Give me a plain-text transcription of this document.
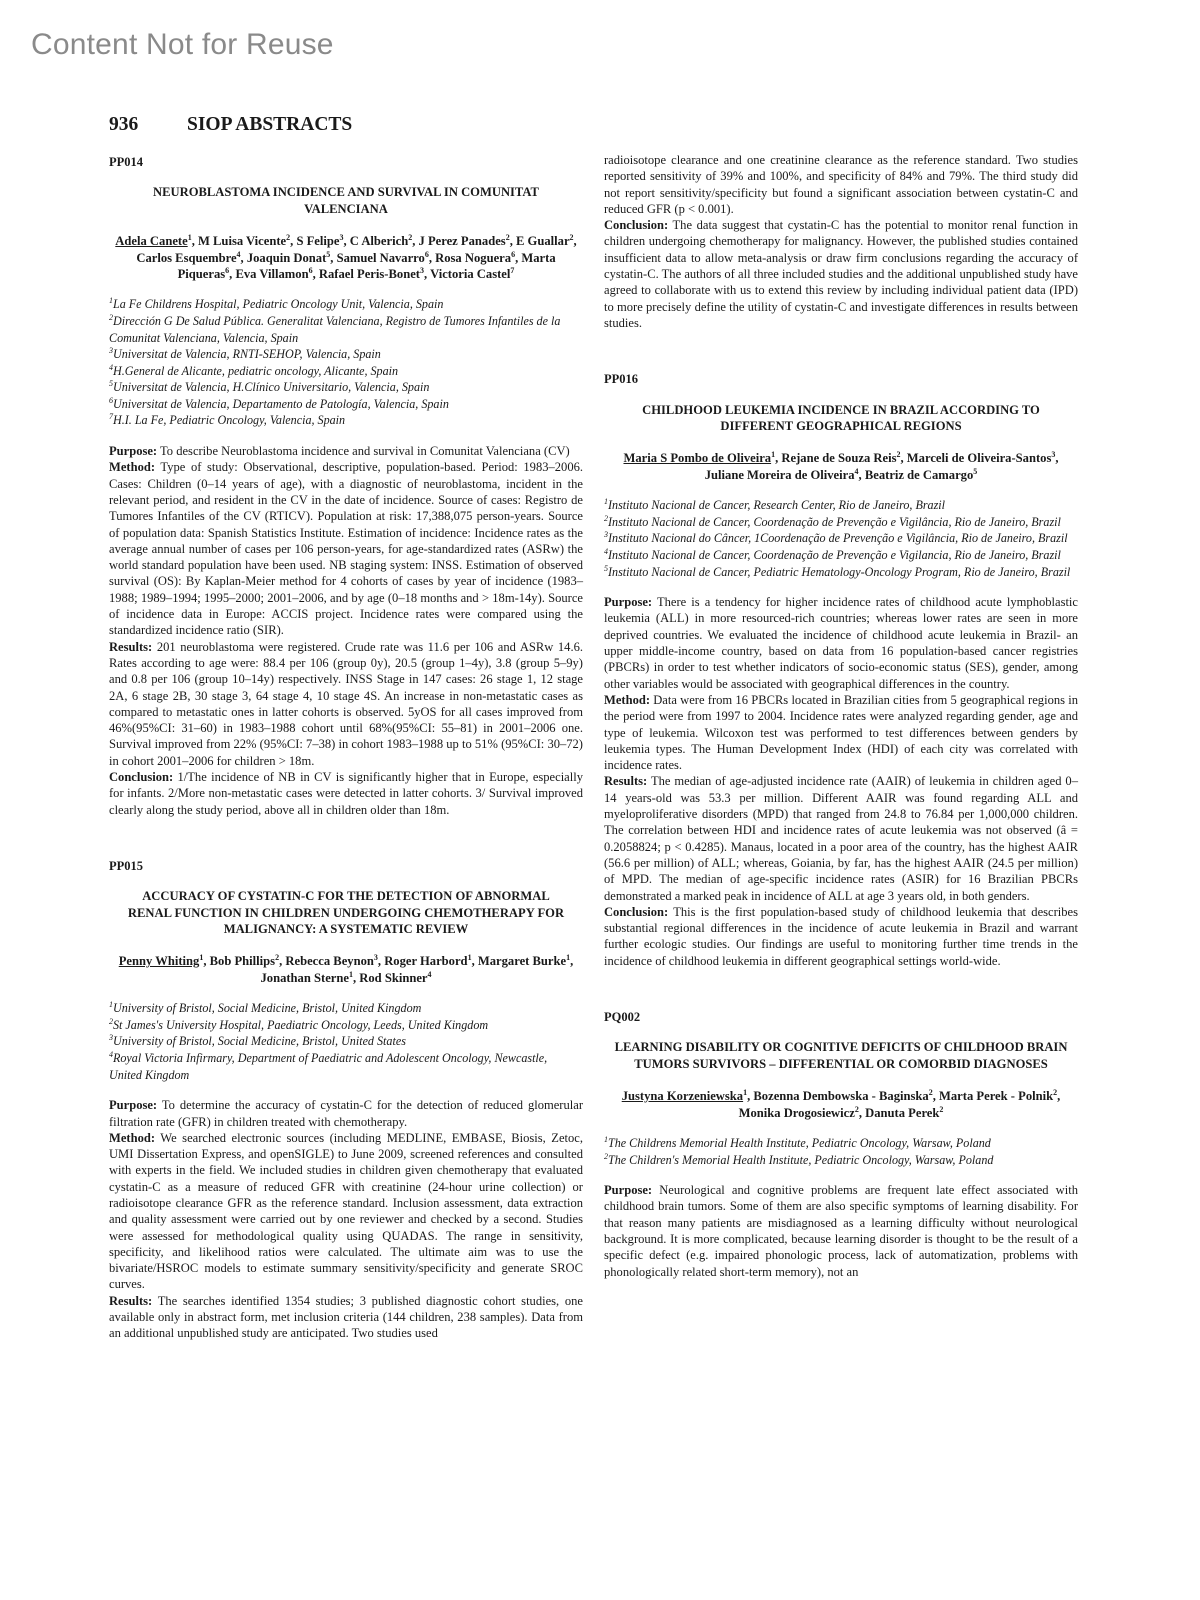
Content Not for Reuse
936	SIOP ABSTRACTS
PP014
NEUROBLASTOMA INCIDENCE AND SURVIVAL IN COMUNITAT VALENCIANA
Adela Canete$^1$, M Luisa Vicente$^2$, S Felipe$^3$, C Alberich$^2$, J Perez Panades$^2$, E Guallar$^2$, Carlos Esquembre$^4$, Joaquin Donat$^5$, Samuel Navarro$^6$, Rosa Noguera$^6$, Marta Piqueras$^6$, Eva Villamon$^6$, Rafael Peris-Bonet$^3$, Victoria Castel$^7$
$^1$La Fe Childrens Hospital, Pediatric Oncology Unit, Valencia, Spain
$^2$Dirección G De Salud Pública. Generalitat Valenciana, Registro de Tumores Infantiles de la Comunitat Valenciana, Valencia, Spain
$^3$Universitat de Valencia, RNTI-SEHOP, Valencia, Spain
$^4$H.General de Alicante, pediatric oncology, Alicante, Spain
$^5$Universitat de Valencia, H.Clínico Universitario, Valencia, Spain
$^6$Universitat de Valencia, Departamento de Patología, Valencia, Spain
$^7$H.I. La Fe, Pediatric Oncology, Valencia, Spain

Purpose: To describe Neuroblastoma incidence and survival in Comunitat Valenciana (CV)

Method: Type of study: Observational, descriptive, population-based. Period: 1983–2006. Cases: Children (0–14 years of age), with a diagnostic of neuroblastoma, incident in the relevant period, and resident in the CV in the date of incidence. Source of cases: Registro de Tumores Infantiles of the CV (RTICV). Population at risk: 17,388,075 person-years. Source of population data: Spanish Statistics Institute. Estimation of incidence: Incidence rates as the average annual number of cases per 106 person-years, for age-standardized rates (ASRw) the world standard population have been used. NB staging system: INSS. Estimation of observed survival (OS): By Kaplan-Meier method for 4 cohorts of cases by year of incidence (1983–1988; 1989–1994; 1995–2000; 2001–2006, and by age (0–18 months and > 18m-14y). Source of incidence data in Europe: ACCIS project. Incidence rates were compared using the standardized incidence ratio (SIR).

Results: 201 neuroblastoma were registered. Crude rate was 11.6 per 106 and ASRw 14.6. Rates according to age were: 88.4 per 106 (group 0y), 20.5 (group 1–4y), 3.8 (group 5–9y) and 0.8 per 106 (group 10–14y) respectively. INSS Stage in 147 cases: 26 stage 1, 12 stage 2A, 6 stage 2B, 30 stage 3, 64 stage 4, 10 stage 4S. An increase in non-metastatic cases as compared to metastatic ones in latter cohorts is observed. 5yOS for all cases improved from 46%(95%CI: 31–60) in 1983–1988 cohort until 68%(95%CI: 55–81) in 2001–2006 one. Survival improved from 22% (95%CI: 7–38) in cohort 1983–1988 up to 51% (95%CI: 30–72) in cohort 2001–2006 for children > 18m.

Conclusion: 1/The incidence of NB in CV is significantly higher that in Europe, especially for infants. 2/More non-metastatic cases were detected in latter cohorts. 3/ Survival improved clearly along the study period, above all in children older than 18m.

PP015
ACCURACY OF CYSTATIN-C FOR THE DETECTION OF ABNORMAL RENAL FUNCTION IN CHILDREN UNDERGOING CHEMOTHERAPY FOR MALIGNANCY: A SYSTEMATIC REVIEW
Penny Whiting$^1$, Bob Phillips$^2$, Rebecca Beynon$^3$, Roger Harbord$^1$, Margaret Burke$^1$, Jonathan Sterne$^1$, Rod Skinner$^4$
$^1$University of Bristol, Social Medicine, Bristol, United Kingdom
$^2$St James's University Hospital, Paediatric Oncology, Leeds, United Kingdom
$^3$University of Bristol, Social Medicine, Bristol, United States
$^4$Royal Victoria Infirmary, Department of Paediatric and Adolescent Oncology, Newcastle, United Kingdom

Purpose: To determine the accuracy of cystatin-C for the detection of reduced glomerular filtration rate (GFR) in children treated with chemotherapy.

Method: We searched electronic sources (including MEDLINE, EMBASE, Biosis, Zetoc, UMI Dissertation Express, and openSIGLE) to June 2009, screened references and consulted with experts in the field. We included studies in children given chemotherapy that evaluated cystatin-C as a measure of reduced GFR with creatinine (24-hour urine collection) or radioisotope clearance GFR as the reference standard. Inclusion assessment, data extraction and quality assessment were carried out by one reviewer and checked by a second. Studies were assessed for methodological quality using QUADAS. The range in sensitivity, specificity, and likelihood ratios were calculated. The ultimate aim was to use the bivariate/HSROC models to estimate summary sensitivity/specificity and generate SROC curves.

Results: The searches identified 1354 studies; 3 published diagnostic cohort studies, one available only in abstract form, met inclusion criteria (144 children, 238 samples). Data from an additional unpublished study are anticipated. Two studies used

radioisotope clearance and one creatinine clearance as the reference standard. Two studies reported sensitivity of 39% and 100%, and specificity of 84% and 79%. The third study did not report sensitivity/specificity but found a significant association between cystatin-C and reduced GFR (p < 0.001).

Conclusion: The data suggest that cystatin-C has the potential to monitor renal function in children undergoing chemotherapy for malignancy. However, the published studies contained insufficient data to allow meta-analysis or draw firm conclusions regarding the accuracy of cystatin-C. The authors of all three included studies and the additional unpublished study have agreed to collaborate with us to extend this review by including individual patient data (IPD) to more precisely define the utility of cystatin-C and investigate differences in results between studies.

PP016
CHILDHOOD LEUKEMIA INCIDENCE IN BRAZIL ACCORDING TO DIFFERENT GEOGRAPHICAL REGIONS
Maria S Pombo de Oliveira$^1$, Rejane de Souza Reis$^2$, Marceli de Oliveira-Santos$^3$, Juliane Moreira de Oliveira$^4$, Beatriz de Camargo$^5$
$^1$Instituto Nacional de Cancer, Research Center, Rio de Janeiro, Brazil
$^2$Instituto Nacional de Cancer, Coordenação de Prevenção e Vigilância, Rio de Janeiro, Brazil
$^3$Instituto Nacional do Câncer, 1Coordenação de Prevenção e Vigilância, Rio de Janeiro, Brazil
$^4$Instituto Nacional de Cancer, Coordenação de Prevenção e Vigilancia, Rio de Janeiro, Brazil
$^5$Instituto Nacional de Cancer, Pediatric Hematology-Oncology Program, Rio de Janeiro, Brazil

Purpose: There is a tendency for higher incidence rates of childhood acute lymphoblastic leukemia (ALL) in more resourced-rich countries; whereas lower rates are seen in more deprived countries. We evaluated the incidence of childhood acute leukemia in Brazil- an upper middle-income country, based on data from 16 population-based cancer registries (PBCRs) in order to test whether indicators of socio-economic status (SES), gender, among other variables would be associated with geographical differences in the country.

Method: Data were from 16 PBCRs located in Brazilian cities from 5 geographical regions in the period were from 1997 to 2004. Incidence rates were analyzed regarding gender, age and type of leukemia. Wilcoxon test was performed to test differences between genders by leukemia types. The Human Development Index (HDI) of each city was correlated with incidence rates.

Results: The median of age-adjusted incidence rate (AAIR) of leukemia in children aged 0–14 years-old was 53.3 per million. Different AAIR was found regarding ALL and myeloproliferative disorders (MPD) that ranged from 24.8 to 76.84 per 1,000,000 children. The correlation between HDI and incidence rates of acute leukemia was not observed (â = 0.2058824; p < 0.4285). Manaus, located in a poor area of the country, has the highest AAIR (56.6 per million) of ALL; whereas, Goiania, by far, has the highest AAIR (24.5 per million) of MPD. The median of age-specific incidence rates (ASIR) for 16 Brazilian PBCRs demonstrated a marked peak in incidence of ALL at age 3 years old, in both genders.

Conclusion: This is the first population-based study of childhood leukemia that describes substantial regional differences in the incidence of acute leukemia in Brazil and warrant further ecologic studies. Our findings are useful to monitoring further time trends in the incidence of childhood leukemia in different geographical settings world-wide.

PQ002
LEARNING DISABILITY OR COGNITIVE DEFICITS OF CHILDHOOD BRAIN TUMORS SURVIVORS – DIFFERENTIAL OR COMORBID DIAGNOSES
Justyna Korzeniewska$^1$, Bozenna Dembowska - Baginska$^2$, Marta Perek - Polnik$^2$, Monika Drogosiewicz$^2$, Danuta Perek$^2$
$^1$The Childrens Memorial Health Institute, Pediatric Oncology, Warsaw, Poland
$^2$The Children's Memorial Health Institute, Pediatric Oncology, Warsaw, Poland

Purpose: Neurological and cognitive problems are frequent late effect associated with childhood brain tumors. Some of them are also specific symptoms of learning disability. For that reason many patients are misdiagnosed as a learning difficulty without neurological background. It is more complicated, because learning disorder is thought to be the result of a specific defect (e.g. impaired phonologic process, lack of automatization, problems with phonologically related short-term memory), not an
